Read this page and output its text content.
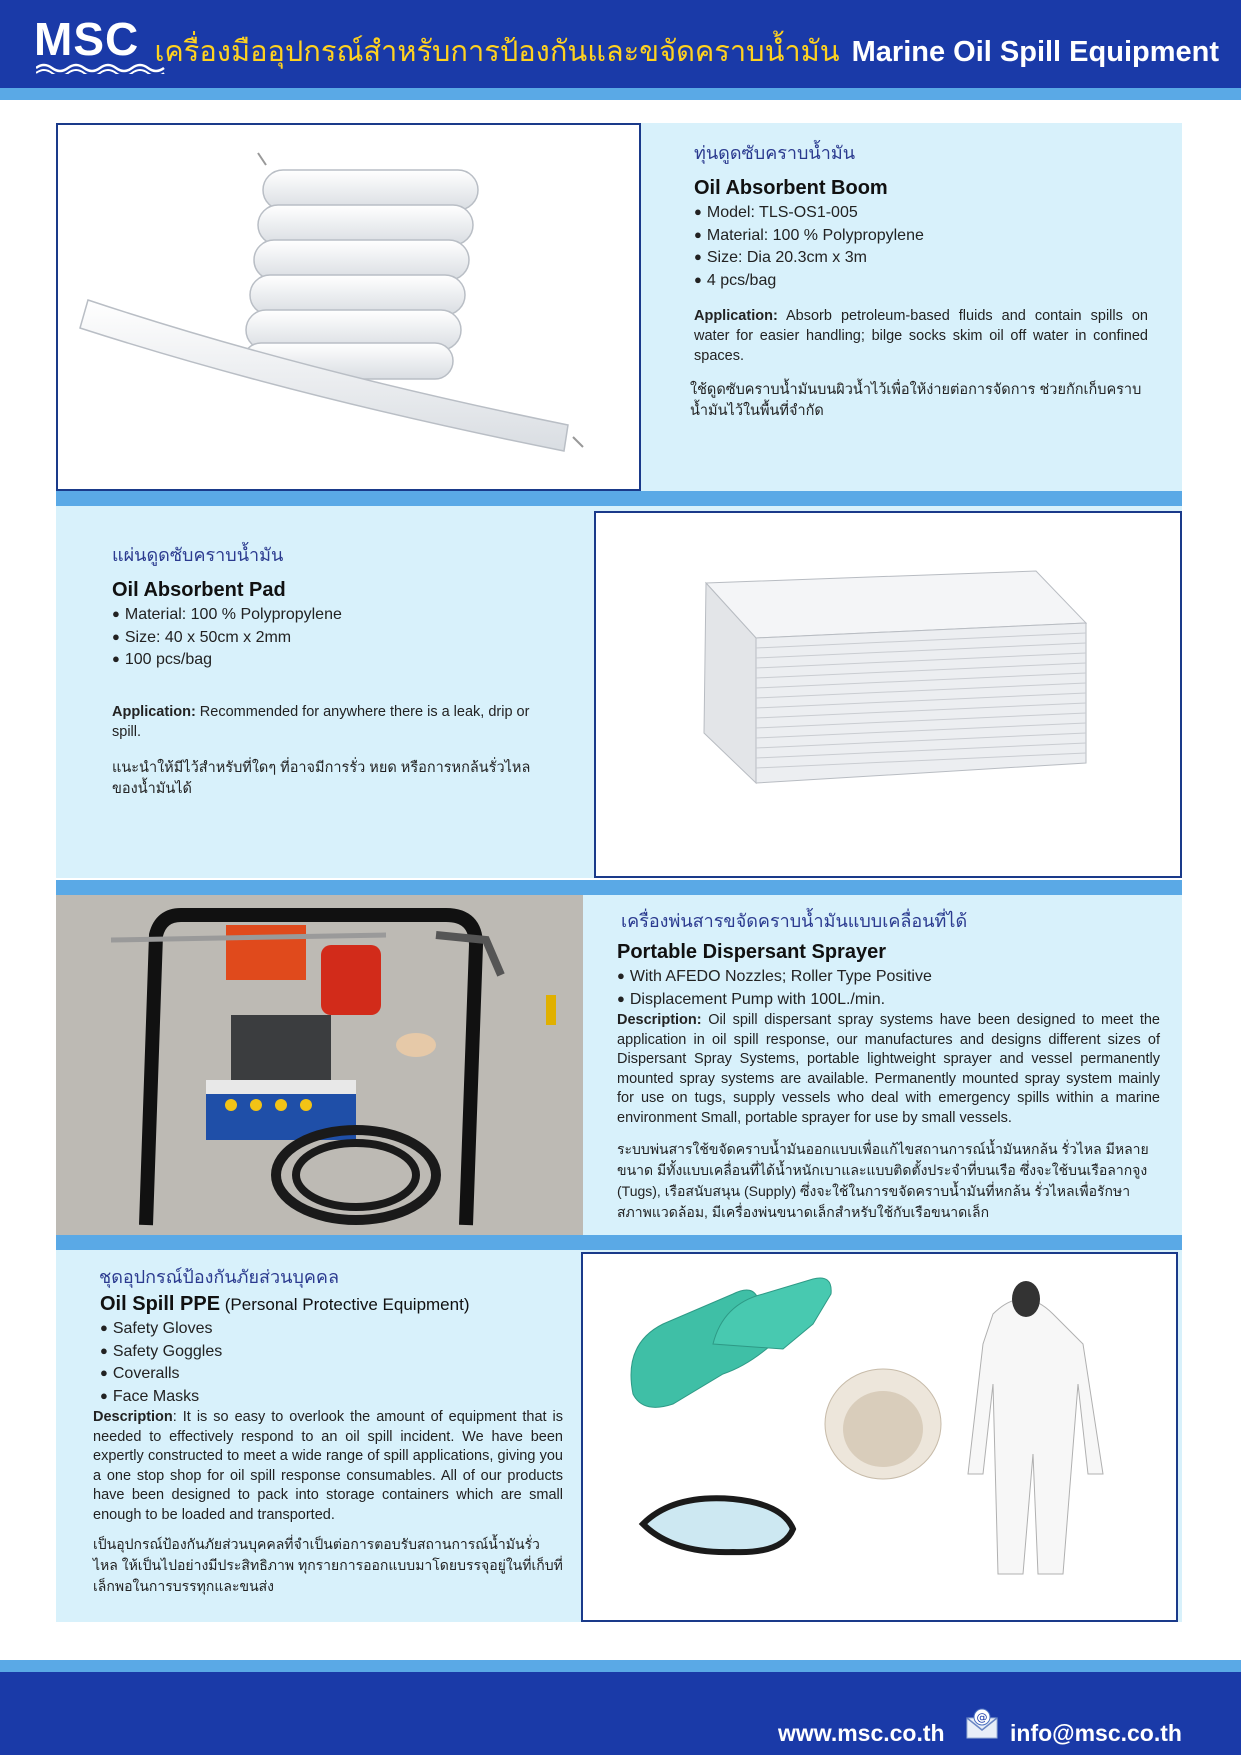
MSC เครื่องมืออุปกรณ์สำหรับการป้องกันและขจัดคราบน้ำมัน Marine Oil Spill Equipment
ทุ่นดูดซับคราบน้ำมัน
Oil Absorbent Boom
● Model: TLS-OS1-005
● Material: 100 % Polypropylene
● Size: Dia 20.3cm x 3m
● 4 pcs/bag
Application: Absorb petroleum-based fluids and contain spills on water for easier handling; bilge socks skim oil off water in confined spaces.
ใช้ดูดซับคราบน้ำมันบนผิวน้ำไว้เพื่อให้ง่ายต่อการจัดการ ช่วยกักเก็บคราบน้ำมันไว้ในพื้นที่จำกัด
แผ่นดูดซับคราบน้ำมัน
Oil Absorbent Pad
● Material: 100 % Polypropylene
● Size: 40 x 50cm x 2mm
● 100 pcs/bag
Application: Recommended for anywhere there is a leak, drip or spill.
แนะนำให้มีไว้สำหรับที่ใดๆ ที่อาจมีการรั่ว หยด หรือการหกล้นรั่วไหลของน้ำมันได้
เครื่องพ่นสารขจัดคราบน้ำมันแบบเคลื่อนที่ได้
Portable Dispersant Sprayer
● With AFEDO Nozzles; Roller Type Positive
● Displacement Pump with 100L./min.
Description: Oil spill dispersant spray systems have been designed to meet the application in oil spill response, our manufactures and designs different sizes of Dispersant Spray Systems, portable lightweight sprayer and vessel permanently mounted spray systems are available. Permanently mounted spray system mainly for use on tugs, supply vessels who deal with emergency spills within a marine environment Small, portable sprayer for use by small vessels.
ระบบพ่นสารใช้ขจัดคราบน้ำมันออกแบบเพื่อแก้ไขสถานการณ์น้ำมันหกล้น รั่วไหล มีหลายขนาด มีทั้งแบบเคลื่อนที่ได้น้ำหนักเบาและแบบติดตั้งประจำที่บนเรือ ซึ่งจะใช้บนเรือลากจูง (Tugs), เรือสนับสนุน (Supply) ซึ่งจะใช้ในการขจัดคราบน้ำมันที่หกล้น รั่วไหลเพื่อรักษาสภาพแวดล้อม, มีเครื่องพ่นขนาดเล็กสำหรับใช้กับเรือขนาดเล็ก
ชุดอุปกรณ์ป้องกันภัยส่วนบุคคล
Oil Spill PPE (Personal Protective Equipment)
● Safety Gloves
● Safety Goggles
● Coveralls
● Face Masks
Description: It is so easy to overlook the amount of equipment that is needed to effectively respond to an oil spill incident. We have been expertly constructed to meet a wide range of spill applications, giving you a one stop shop for oil spill response consumables. All of our products have been designed to pack into storage containers which are small enough to be loaded and transported.
เป็นอุปกรณ์ป้องกันภัยส่วนบุคคลที่จำเป็นต่อการตอบรับสถานการณ์น้ำมันรั่วไหล ให้เป็นไปอย่างมีประสิทธิภาพ ทุกรายการออกแบบมาโดยบรรจุอยู่ในที่เก็บที่เล็กพอในการบรรทุกและขนส่ง
www.msc.co.th
@
info@msc.co.th
